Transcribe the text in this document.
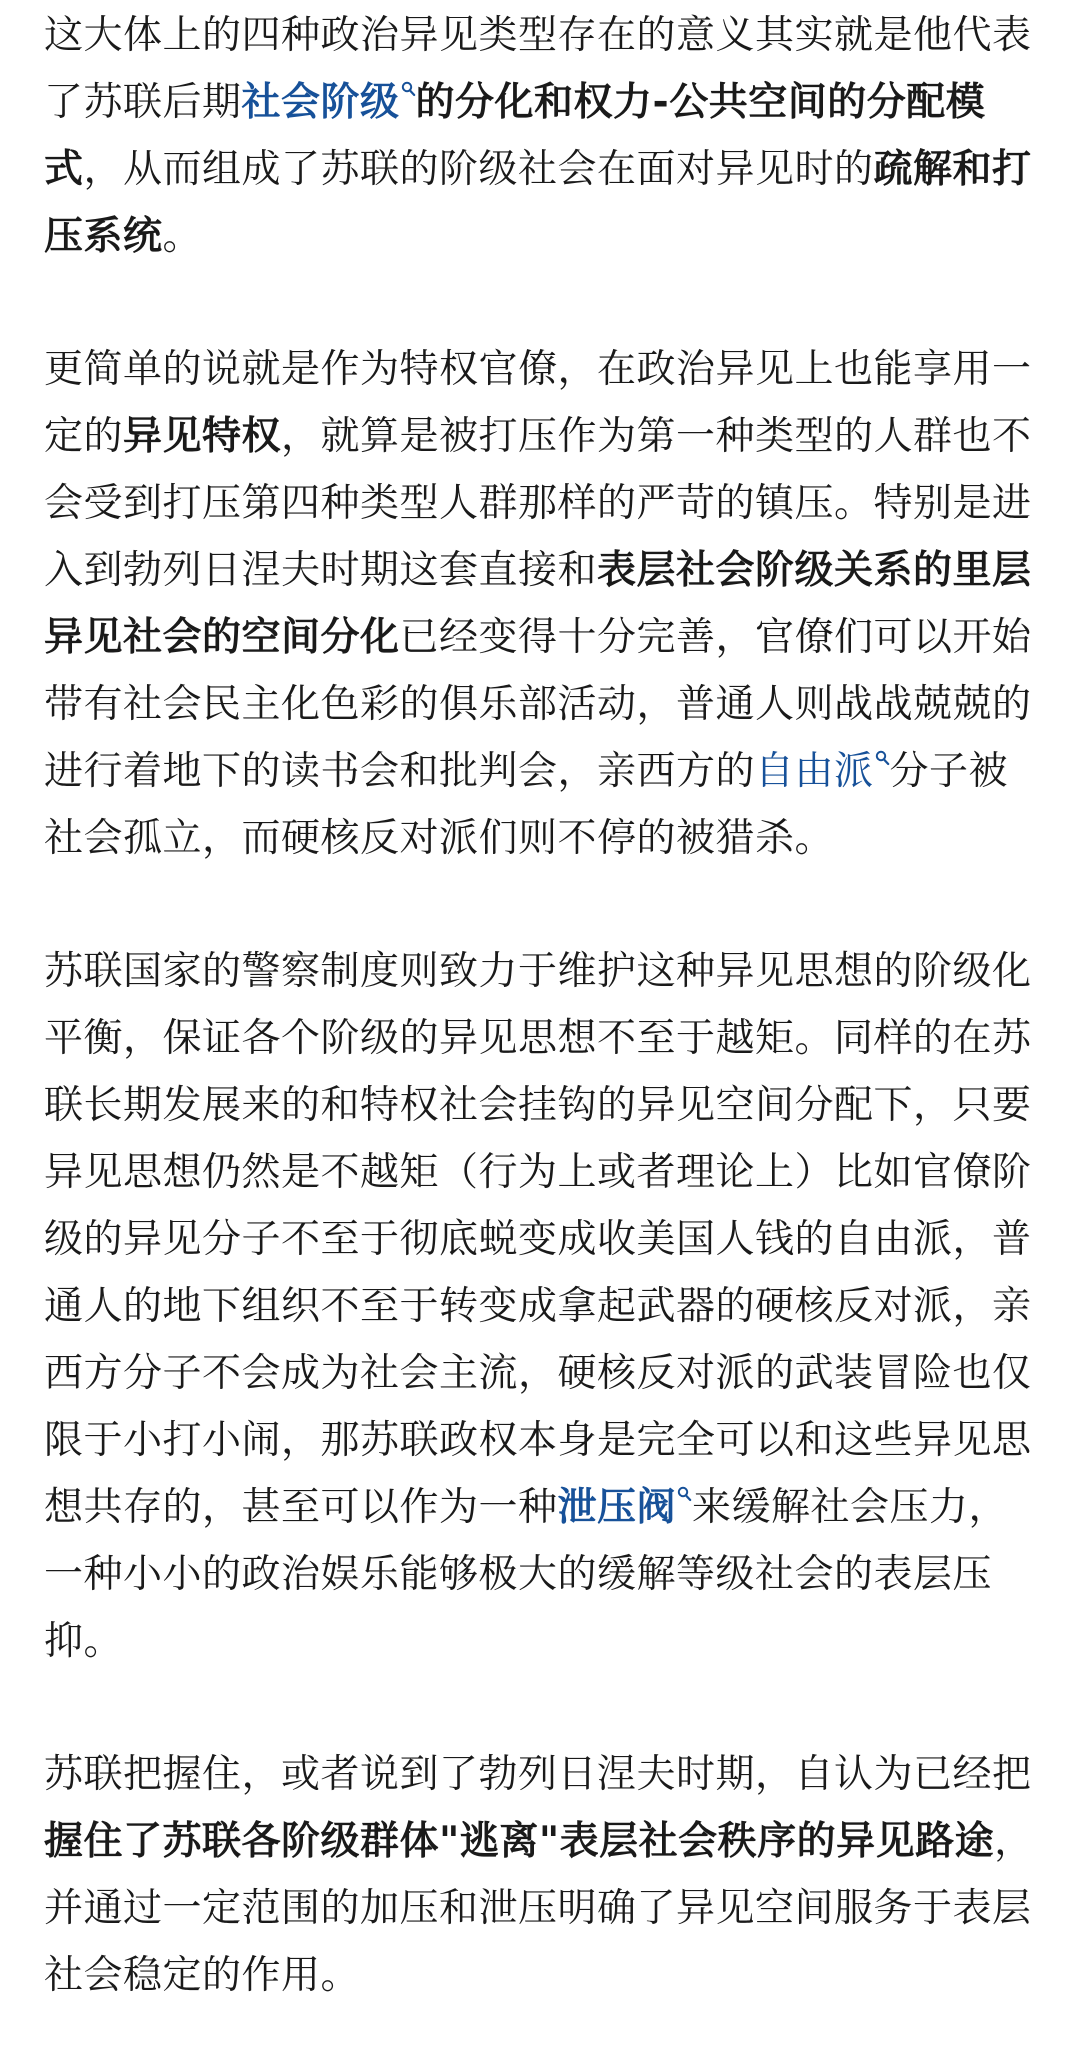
这大体上的四种政治异见类型存在的意义其实就是他代表了苏联后期社会阶级 的分化和权力-公共空间的分配模式，从而组成了苏联的阶级社会在面对异见时的疏解和打压系统。

更简单的说就是作为特权官僚，在政治异见上也能享用一定的异见特权，就算是被打压作为第一种类型的人群也不会受到打压第四种类型人群那样的严苛的镇压。特别是进入到勃列日涅夫时期这套直接和表层社会阶级关系的里层异见社会的空间分化已经变得十分完善，官僚们可以开始带有社会民主化色彩的俱乐部活动，普通人则战战兢兢的进行着地下的读书会和批判会，亲西方的自由派 分子被社会孤立，而硬核反对派们则不停的被猎杀。

苏联国家的警察制度则致力于维护这种异见思想的阶级化平衡，保证各个阶级的异见思想不至于越矩。同样的在苏联长期发展来的和特权社会挂钩的异见空间分配下，只要异见思想仍然是不越矩（行为上或者理论上）比如官僚阶级的异见分子不至于彻底蜕变成收美国人钱的自由派，普通人的地下组织不至于转变成拿起武器的硬核反对派，亲西方分子不会成为社会主流，硬核反对派的武装冒险也仅限于小打小闹，那苏联政权本身是完全可以和这些异见思想共存的，甚至可以作为一种泄压阀 来缓解社会压力，一种小小的政治娱乐能够极大的缓解等级社会的表层压抑。

苏联把握住，或者说到了勃列日涅夫时期，自认为已经把握住了苏联各阶级群体"逃离"表层社会秩序的异见路途，并通过一定范围的加压和泄压明确了异见空间服务于表层社会稳定的作用。
